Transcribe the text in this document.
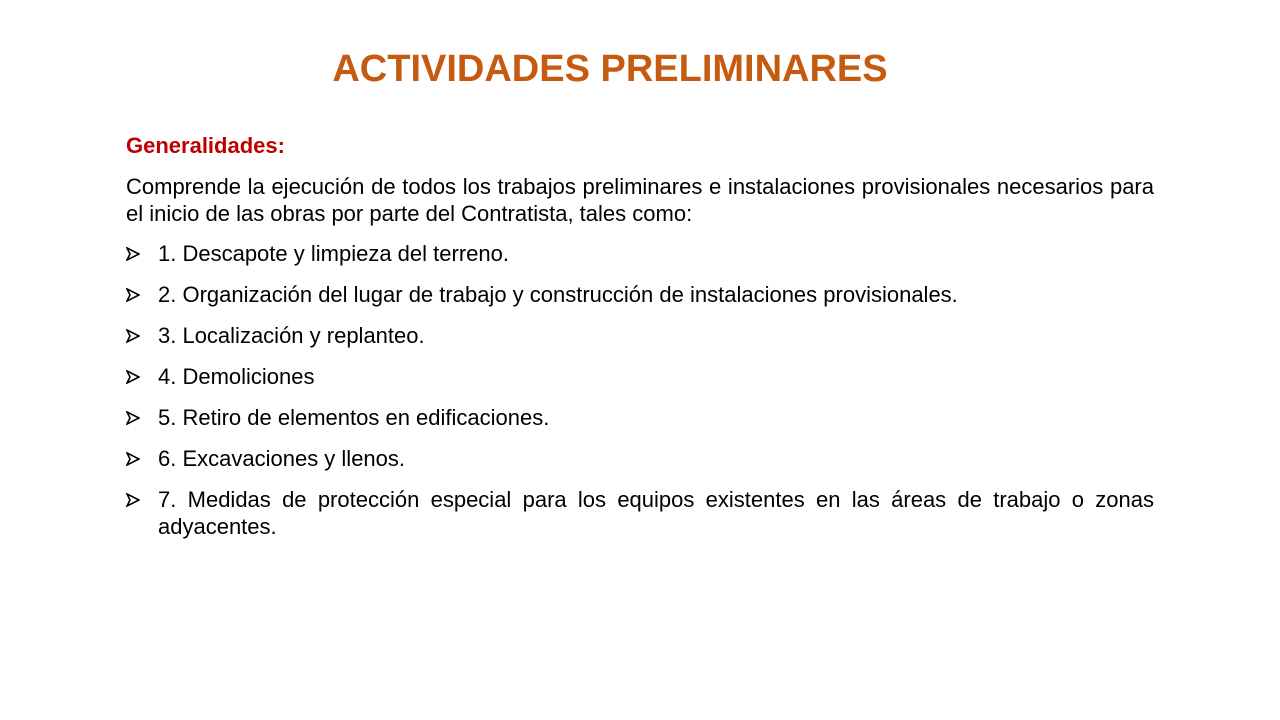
ACTIVIDADES PRELIMINARES
Generalidades:
Comprende la ejecución de todos los trabajos preliminares e instalaciones provisionales necesarios para el inicio de las obras por parte del Contratista, tales como:
1. Descapote y limpieza del terreno.
2. Organización del lugar de trabajo y construcción de instalaciones provisionales.
3. Localización y replanteo.
4. Demoliciones
5. Retiro de elementos en edificaciones.
6. Excavaciones y llenos.
7. Medidas de protección especial para los equipos existentes en las áreas de trabajo o zonas adyacentes.
